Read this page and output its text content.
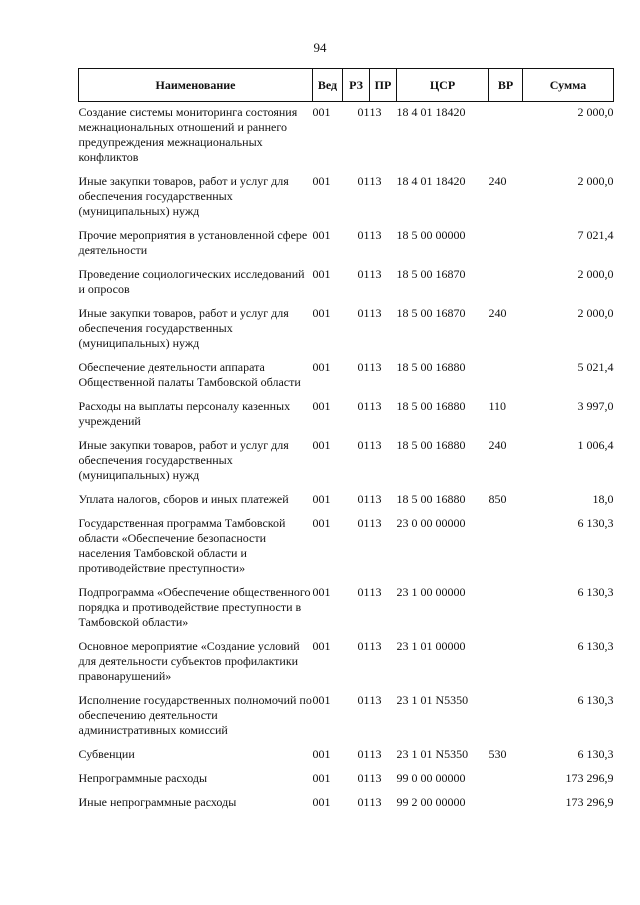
94
Наименование	Вед	РЗ	ПР	ЦСР	ВР	Сумма
Создание системы мониторинга состояния межнациональных отношений и раннего предупреждения межнациональных конфликтов	001	01	13	18 4 01 18420		2 000,0
Иные закупки товаров, работ и услуг для обеспечения государственных (муниципальных) нужд	001	01	13	18 4 01 18420	240	2 000,0
Прочие мероприятия в установленной сфере деятельности	001	01	13	18 5 00 00000		7 021,4
Проведение социологических исследований и опросов	001	01	13	18 5 00 16870		2 000,0
Иные закупки товаров, работ и услуг для обеспечения государственных (муниципальных) нужд	001	01	13	18 5 00 16870	240	2 000,0
Обеспечение деятельности аппарата Общественной палаты Тамбовской области	001	01	13	18 5 00 16880		5 021,4
Расходы на выплаты персоналу казенных учреждений	001	01	13	18 5 00 16880	110	3 997,0
Иные закупки товаров, работ и услуг для обеспечения государственных (муниципальных) нужд	001	01	13	18 5 00 16880	240	1 006,4
Уплата налогов, сборов и иных платежей	001	01	13	18 5 00 16880	850	18,0
Государственная программа Тамбовской области «Обеспечение безопасности населения Тамбовской области и противодействие преступности»	001	01	13	23 0 00 00000		6 130,3
Подпрограмма «Обеспечение общественного порядка и противодействие преступности в Тамбовской области»	001	01	13	23 1 00 00000		6 130,3
Основное мероприятие «Создание условий для деятельности субъектов профилактики правонарушений»	001	01	13	23 1 01 00000		6 130,3
Исполнение государственных полномочий по обеспечению деятельности административных комиссий	001	01	13	23 1 01 N5350		6 130,3
Субвенции	001	01	13	23 1 01 N5350	530	6 130,3
Непрограммные расходы	001	01	13	99 0 00 00000		173 296,9
Иные непрограммные расходы	001	01	13	99 2 00 00000		173 296,9
